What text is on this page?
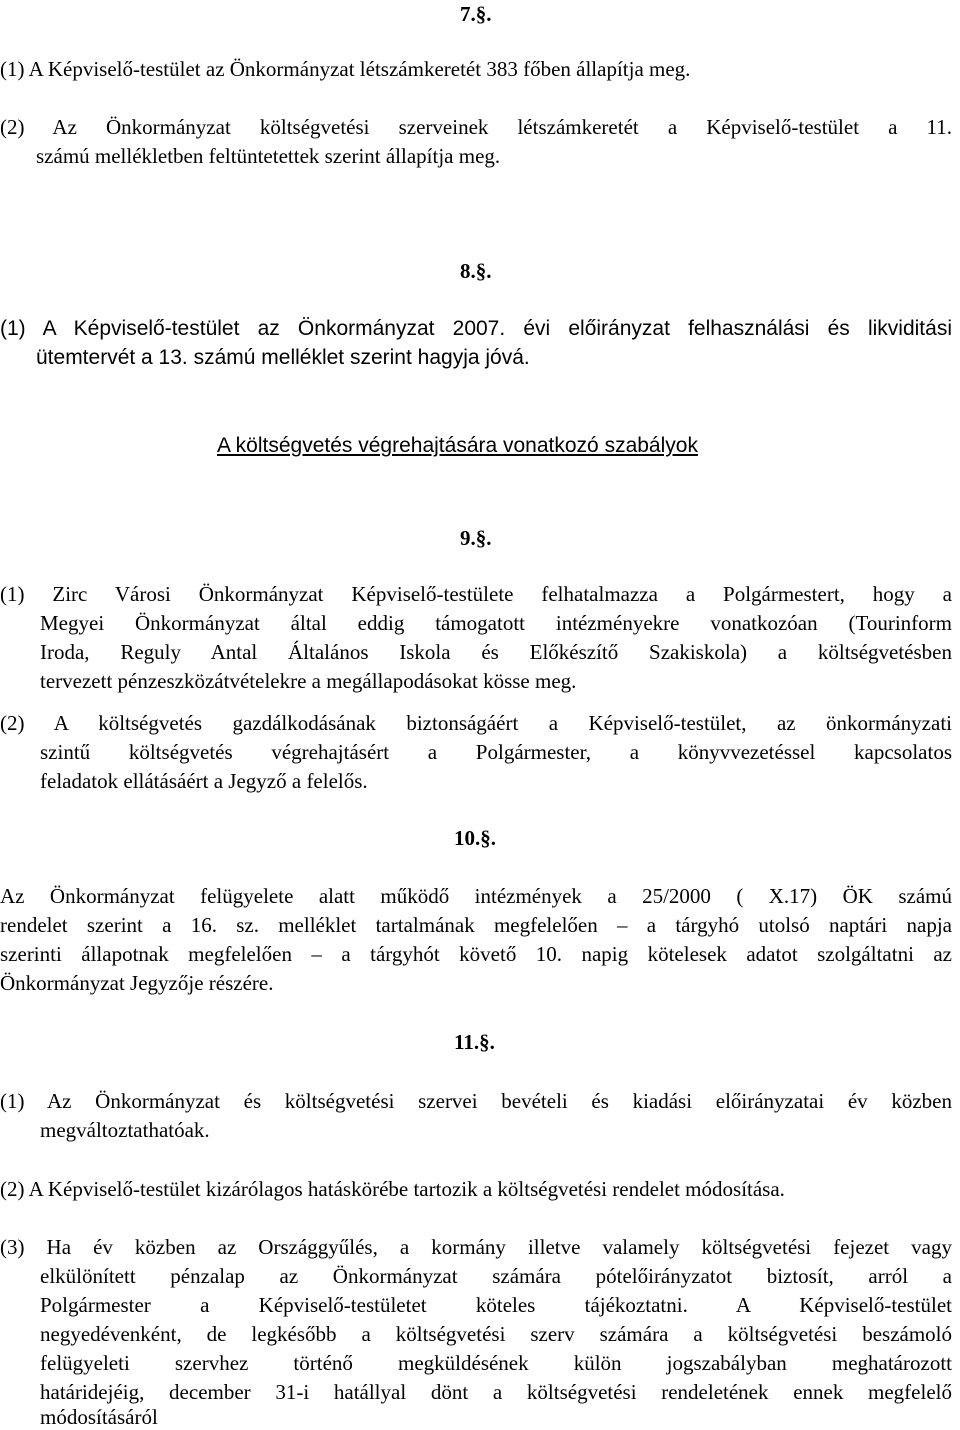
7.§.
(1) A Képviselő-testület az Önkormányzat létszámkeretét 383 főben állapítja meg.
(2) Az Önkormányzat költségvetési szerveinek létszámkeretét a Képviselő-testület a 11.
számú mellékletben feltüntetettek szerint állapítja meg.
8.§.
(1) A Képviselő-testület az Önkormányzat 2007. évi előirányzat felhasználási és likviditási
ütemtervét a 13. számú melléklet szerint hagyja jóvá.
A költségvetés végrehajtására vonatkozó szabályok
9.§.
(1) Zirc Városi Önkormányzat Képviselő-testülete felhatalmazza a Polgármestert, hogy a
Megyei Önkormányzat által eddig támogatott intézményekre vonatkozóan (Tourinform
Iroda, Reguly Antal Általános Iskola és Előkészítő Szakiskola) a költségvetésben
tervezett pénzeszközátvételekre a megállapodásokat kösse meg.
(2) A költségvetés gazdálkodásának biztonságáért a Képviselő-testület, az önkormányzati
szintű költségvetés végrehajtásért a Polgármester, a könyvvezetéssel kapcsolatos
feladatok ellátásáért a Jegyző a felelős.
10.§.
Az Önkormányzat felügyelete alatt működő intézmények a 25/2000 ( X.17) ÖK számú
rendelet szerint a 16. sz. melléklet tartalmának megfelelően – a tárgyhó utolsó naptári napja
szerinti állapotnak megfelelően – a tárgyhót követő 10. napig kötelesek adatot szolgáltatni az
Önkormányzat Jegyzője részére.
11.§.
(1) Az Önkormányzat és költségvetési szervei bevételi és kiadási előirányzatai év közben
megváltoztathatóak.
(2) A Képviselő-testület kizárólagos hatáskörébe tartozik a költségvetési rendelet módosítása.
(3) Ha év közben az Országgyűlés, a kormány illetve valamely költségvetési fejezet vagy
elkülönített pénzalap az Önkormányzat számára pótelőirányzatot biztosít, arról a
Polgármester a Képviselő-testületet köteles tájékoztatni. A Képviselő-testület
negyedévenként, de legkésőbb a költségvetési szerv számára a költségvetési beszámoló
felügyeleti szervhez történő megküldésének külön jogszabályban meghatározott
határidejéig, december 31-i hatállyal dönt a költségvetési rendeletének ennek megfelelő
módosításáról
